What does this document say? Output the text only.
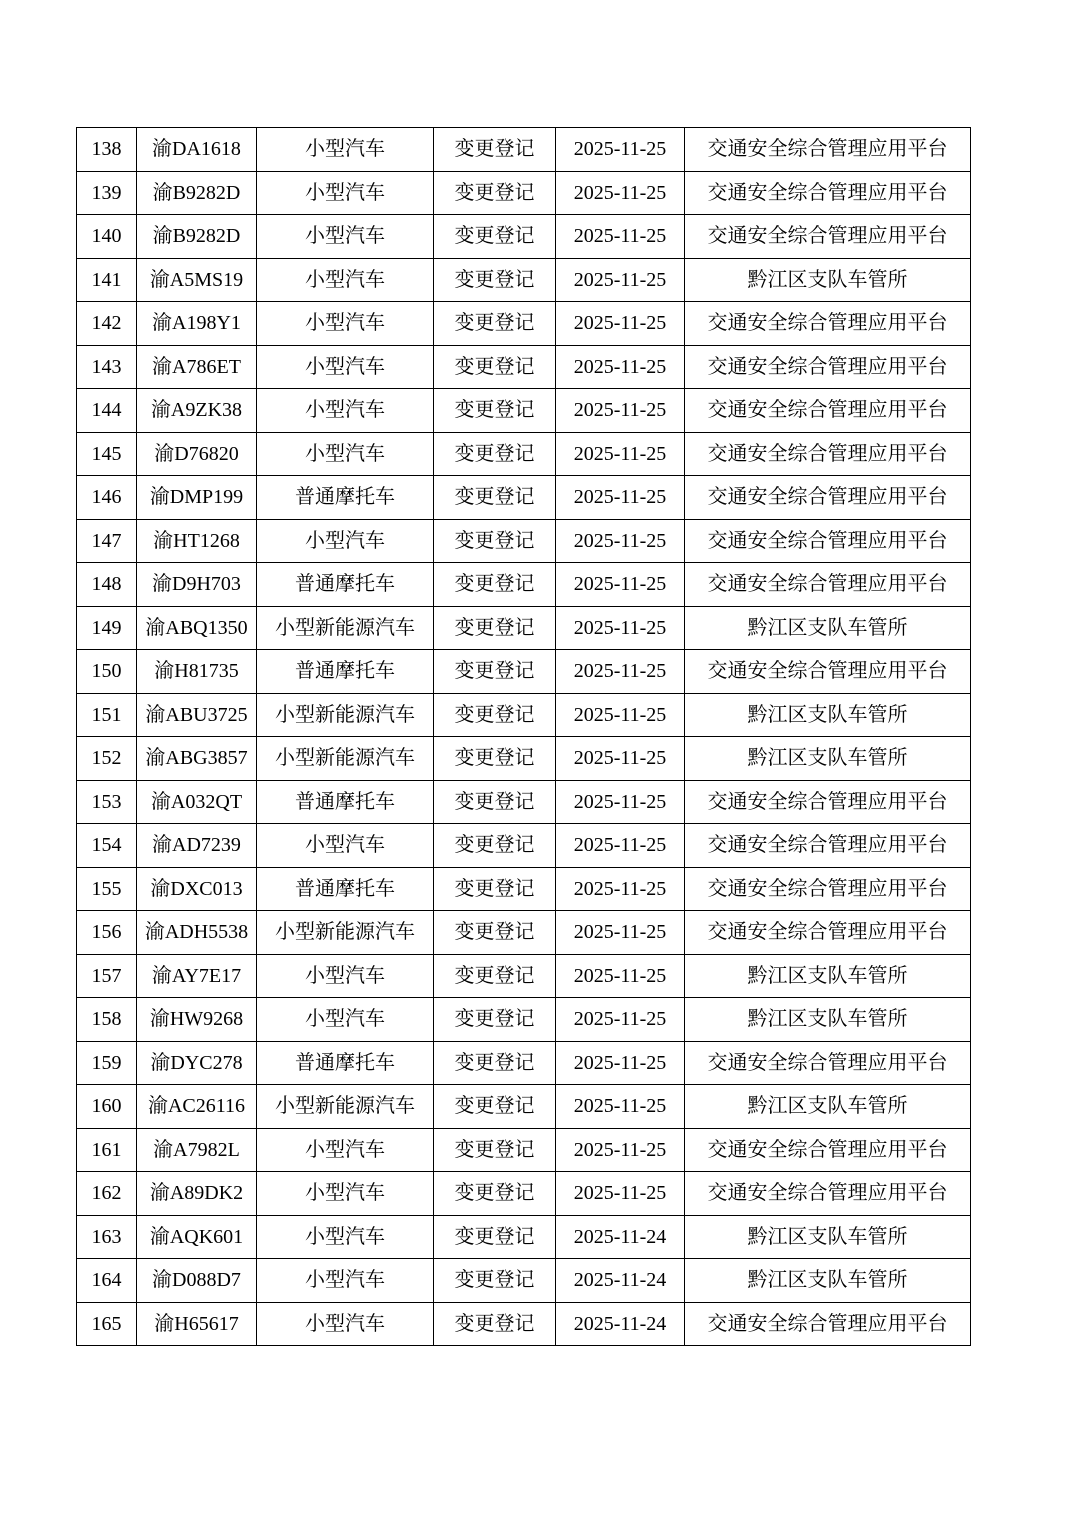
138	渝DA1618	小型汽车	变更登记	2025-11-25	交通安全综合管理应用平台
139	渝B9282D	小型汽车	变更登记	2025-11-25	交通安全综合管理应用平台
140	渝B9282D	小型汽车	变更登记	2025-11-25	交通安全综合管理应用平台
141	渝A5MS19	小型汽车	变更登记	2025-11-25	黔江区支队车管所
142	渝A198Y1	小型汽车	变更登记	2025-11-25	交通安全综合管理应用平台
143	渝A786ET	小型汽车	变更登记	2025-11-25	交通安全综合管理应用平台
144	渝A9ZK38	小型汽车	变更登记	2025-11-25	交通安全综合管理应用平台
145	渝D76820	小型汽车	变更登记	2025-11-25	交通安全综合管理应用平台
146	渝DMP199	普通摩托车	变更登记	2025-11-25	交通安全综合管理应用平台
147	渝HT1268	小型汽车	变更登记	2025-11-25	交通安全综合管理应用平台
148	渝D9H703	普通摩托车	变更登记	2025-11-25	交通安全综合管理应用平台
149	渝ABQ1350	小型新能源汽车	变更登记	2025-11-25	黔江区支队车管所
150	渝H81735	普通摩托车	变更登记	2025-11-25	交通安全综合管理应用平台
151	渝ABU3725	小型新能源汽车	变更登记	2025-11-25	黔江区支队车管所
152	渝ABG3857	小型新能源汽车	变更登记	2025-11-25	黔江区支队车管所
153	渝A032QT	普通摩托车	变更登记	2025-11-25	交通安全综合管理应用平台
154	渝AD7239	小型汽车	变更登记	2025-11-25	交通安全综合管理应用平台
155	渝DXC013	普通摩托车	变更登记	2025-11-25	交通安全综合管理应用平台
156	渝ADH5538	小型新能源汽车	变更登记	2025-11-25	交通安全综合管理应用平台
157	渝AY7E17	小型汽车	变更登记	2025-11-25	黔江区支队车管所
158	渝HW9268	小型汽车	变更登记	2025-11-25	黔江区支队车管所
159	渝DYC278	普通摩托车	变更登记	2025-11-25	交通安全综合管理应用平台
160	渝AC26116	小型新能源汽车	变更登记	2025-11-25	黔江区支队车管所
161	渝A7982L	小型汽车	变更登记	2025-11-25	交通安全综合管理应用平台
162	渝A89DK2	小型汽车	变更登记	2025-11-25	交通安全综合管理应用平台
163	渝AQK601	小型汽车	变更登记	2025-11-24	黔江区支队车管所
164	渝D088D7	小型汽车	变更登记	2025-11-24	黔江区支队车管所
165	渝H65617	小型汽车	变更登记	2025-11-24	交通安全综合管理应用平台
